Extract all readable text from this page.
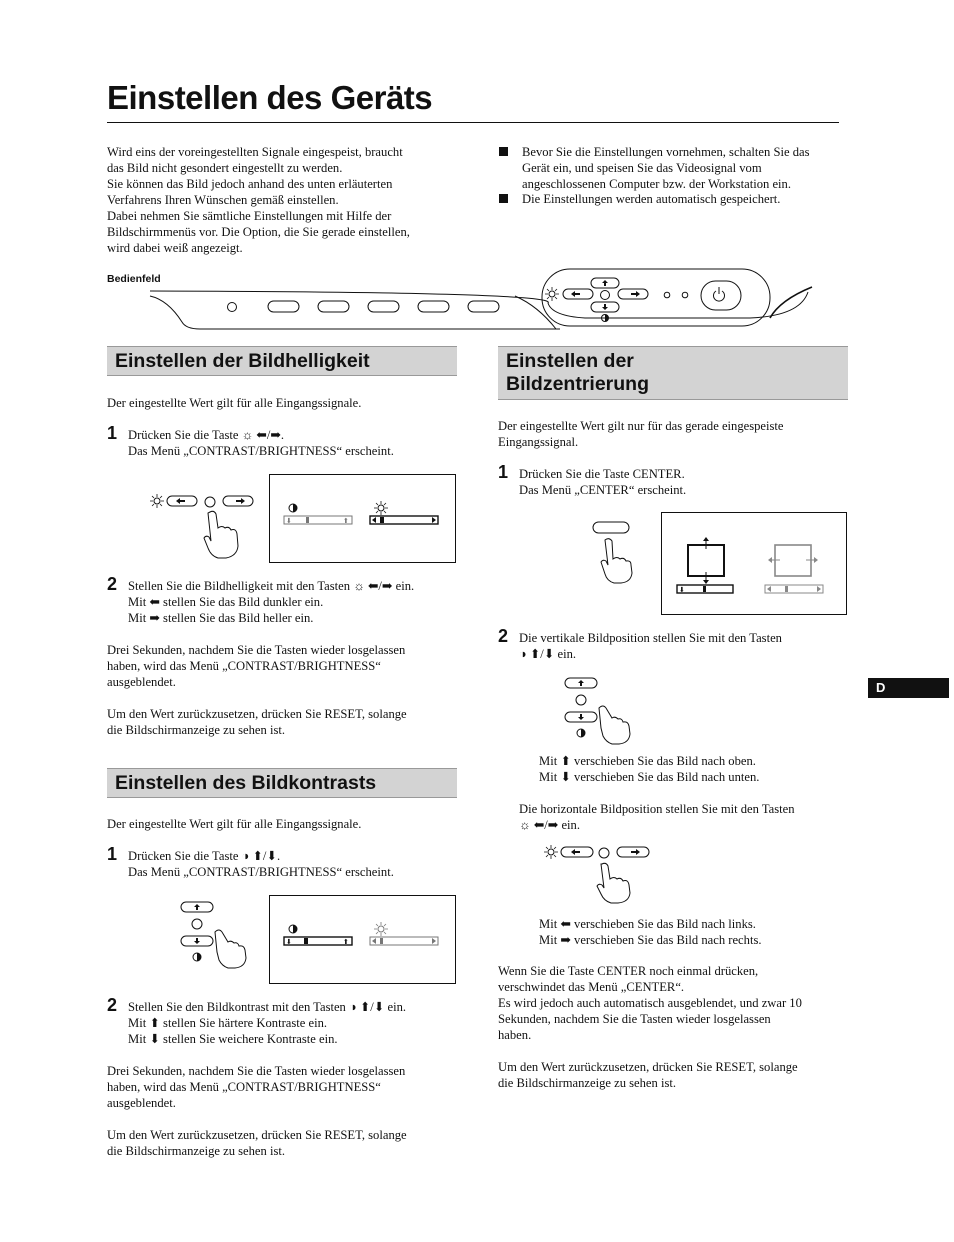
Einstellen des Geräts
Wird eins der voreingestellten Signale eingespeist, braucht
das Bild nicht gesondert eingestellt zu werden.
Sie können das Bild jedoch anhand des unten erläuterten
Verfahrens Ihren Wünschen gemäß einstellen.
Dabei nehmen Sie sämtliche Einstellungen mit Hilfe der
Bildschirmmenüs vor. Die Option, die Sie gerade einstellen,
wird dabei weiß angezeigt.
Bevor Sie die Einstellungen vornehmen, schalten Sie das
Gerät ein, und speisen Sie das Videosignal vom
angeschlossenen Computer bzw. der Workstation ein.
Die Einstellungen werden automatisch gespeichert.
Bedienfeld
D
Einstellen der Bildhelligkeit
Der eingestellte Wert gilt für alle Eingangssignale.
1 Drücken Sie die Taste ☼ ⬅/➡.
Das Menü „CONTRAST/BRIGHTNESS“ erscheint.
⬇	⬆
2 Stellen Sie die Bildhelligkeit mit den Tasten ☼ ⬅/➡ ein.
Mit ⬅ stellen Sie das Bild dunkler ein.
Mit ➡ stellen Sie das Bild heller ein.
Drei Sekunden, nachdem Sie die Tasten wieder losgelassen
haben, wird das Menü „CONTRAST/BRIGHTNESS“
ausgeblendet.
Um den Wert zurückzusetzen, drücken Sie RESET, solange
die Bildschirmanzeige zu sehen ist.
Einstellen des Bildkontrasts
Der eingestellte Wert gilt für alle Eingangssignale.
1 Drücken Sie die Taste ◑ ⬆/⬇.
Das Menü „CONTRAST/BRIGHTNESS“ erscheint.
⬇	⬆
2 Stellen Sie den Bildkontrast mit den Tasten ◑ ⬆/⬇ ein.
Mit ⬆ stellen Sie härtere Kontraste ein.
Mit ⬇ stellen Sie weichere Kontraste ein.
Drei Sekunden, nachdem Sie die Tasten wieder losgelassen
haben, wird das Menü „CONTRAST/BRIGHTNESS“
ausgeblendet.
Um den Wert zurückzusetzen, drücken Sie RESET, solange
die Bildschirmanzeige zu sehen ist.
Einstellen der
Bildzentrierung
Der eingestellte Wert gilt nur für das gerade eingespeiste
Eingangssignal.
1 Drücken Sie die Taste CENTER.
Das Menü „CENTER“ erscheint.
⬇
2 Die vertikale Bildposition stellen Sie mit den Tasten
◑ ⬆/⬇ ein.
Mit ⬆ verschieben Sie das Bild nach oben.
Mit ⬇ verschieben Sie das Bild nach unten.
Die horizontale Bildposition stellen Sie mit den Tasten
☼ ⬅/➡ ein.
Mit ⬅ verschieben Sie das Bild nach links.
Mit ➡ verschieben Sie das Bild nach rechts.
Wenn Sie die Taste CENTER noch einmal drücken,
verschwindet das Menü „CENTER“.
Es wird jedoch auch automatisch ausgeblendet, und zwar 10
Sekunden, nachdem Sie die Tasten wieder losgelassen
haben.
Um den Wert zurückzusetzen, drücken Sie RESET, solange
die Bildschirmanzeige zu sehen ist.
